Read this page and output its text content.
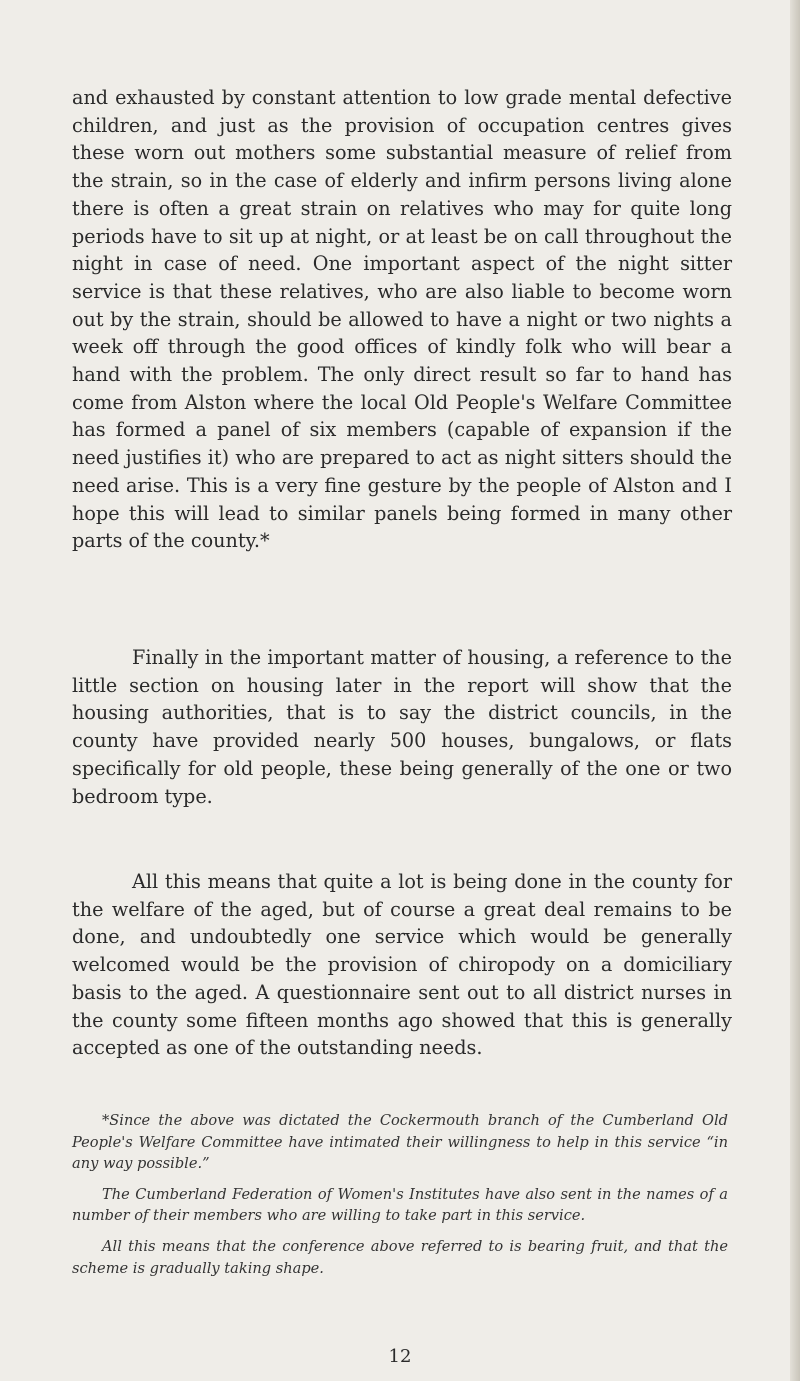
and exhausted by constant attention to low grade mental defective children, and just as the provision of occupation centres gives these worn out mothers some substantial measure of relief from the strain, so in the case of elderly and infirm persons living alone there is often a great strain on relatives who may for quite long periods have to sit up at night, or at least be on call throughout the night in case of need. One important aspect of the night sitter service is that these relatives, who are also liable to become worn out by the strain, should be allowed to have a night or two nights a week off through the good offices of kindly folk who will bear a hand with the problem. The only direct result so far to hand has come from Alston where the local Old People's Welfare Committee has formed a panel of six members (capable of expansion if the need justifies it) who are prepared to act as night sitters should the need arise. This is a very fine gesture by the people of Alston and I hope this will lead to similar panels being formed in many other parts of the county.*
Finally in the important matter of housing, a reference to the little section on housing later in the report will show that the housing authorities, that is to say the district councils, in the county have provided nearly 500 houses, bungalows, or flats specifically for old people, these being generally of the one or two bedroom type.
All this means that quite a lot is being done in the county for the welfare of the aged, but of course a great deal remains to be done, and undoubtedly one service which would be generally welcomed would be the provision of chiropody on a domiciliary basis to the aged. A questionnaire sent out to all district nurses in the county some fifteen months ago showed that this is generally accepted as one of the outstanding needs.

*Since the above was dictated the Cockermouth branch of the Cumberland Old People's Welfare Committee have intimated their willingness to help in this service “in any way possible.”

The Cumberland Federation of Women's Institutes have also sent in the names of a number of their members who are willing to take part in this service.

All this means that the conference above referred to is bearing fruit, and that the scheme is gradually taking shape.

12
